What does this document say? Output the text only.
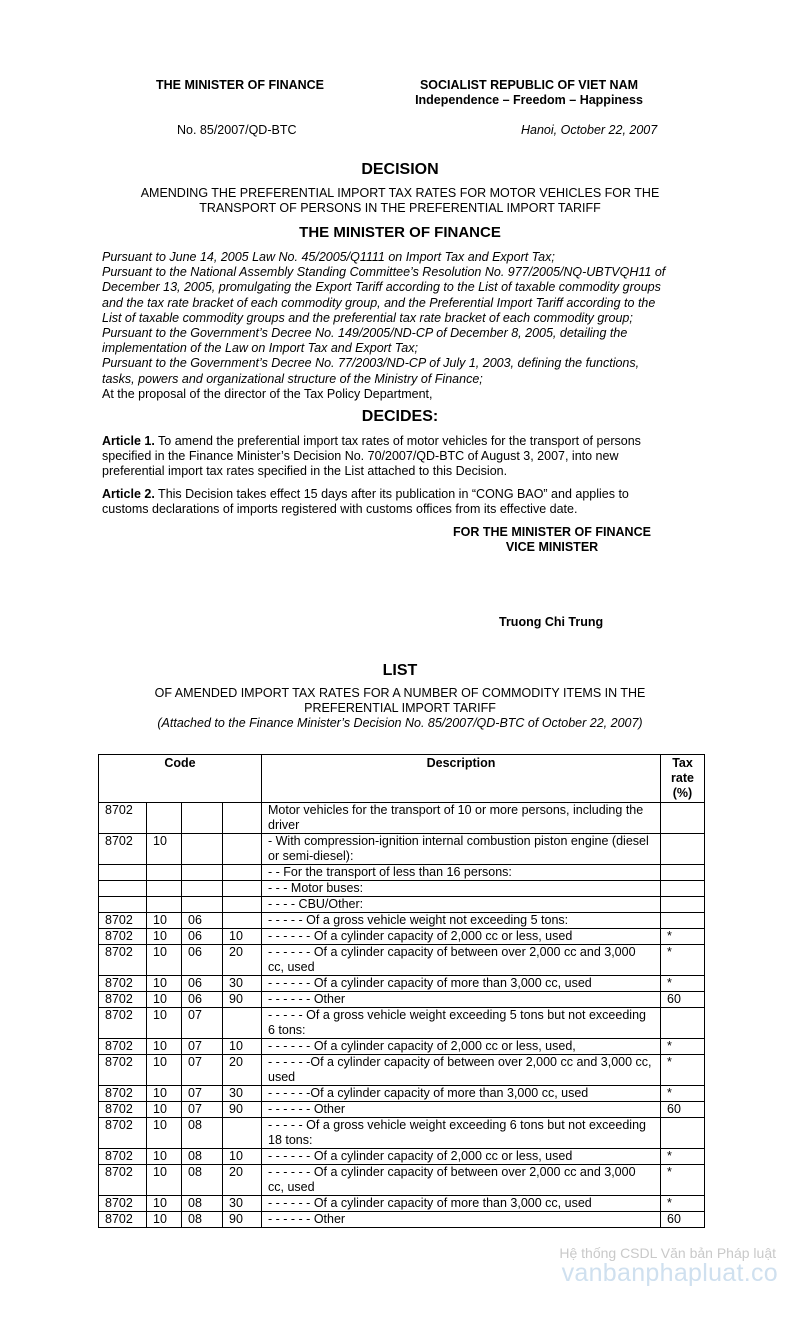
THE MINISTER OF FINANCE	SOCIALIST REPUBLIC OF VIET NAM
Independence – Freedom – Happiness
No. 85/2007/QD-BTC	Hanoi, October 22, 2007
DECISION
AMENDING THE PREFERENTIAL IMPORT TAX RATES FOR MOTOR VEHICLES FOR THE
TRANSPORT OF PERSONS IN THE PREFERENTIAL IMPORT TARIFF
THE MINISTER OF FINANCE
Pursuant to June 14, 2005 Law No. 45/2005/Q1111 on Import Tax and Export Tax;
Pursuant to the National Assembly Standing Committee’s Resolution No. 977/2005/NQ-UBTVQH11 of
December 13, 2005, promulgating the Export Tariff according to the List of taxable commodity groups
and the tax rate bracket of each commodity group, and the Preferential Import Tariff according to the
List of taxable commodity groups and the preferential tax rate bracket of each commodity group;
Pursuant to the Government’s Decree No. 149/2005/ND-CP of December 8, 2005, detailing the
implementation of the Law on Import Tax and Export Tax;
Pursuant to the Government’s Decree No. 77/2003/ND-CP of July 1, 2003, defining the functions,
tasks, powers and organizational structure of the Ministry of Finance;
At the proposal of the director of the Tax Policy Department,
DECIDES:
Article 1. To amend the preferential import tax rates of motor vehicles for the transport of persons
specified in the Finance Minister’s Decision No. 70/2007/QD-BTC of August 3, 2007, into new
preferential import tax rates specified in the List attached to this Decision.
Article 2. This Decision takes effect 15 days after its publication in “CONG BAO” and applies to
customs declarations of imports registered with customs offices from its effective date.
FOR THE MINISTER OF FINANCE
VICE MINISTER
Truong Chi Trung
LIST
OF AMENDED IMPORT TAX RATES FOR A NUMBER OF COMMODITY ITEMS IN THE
PREFERENTIAL IMPORT TARIFF
(Attached to the Finance Minister’s Decision No. 85/2007/QD-BTC of October 22, 2007)
Code				Description	Tax
rate
(%)

8702				Motor vehicles for the transport of 10 or more persons, including the driver	
8702	10			- With compression-ignition internal combustion piston engine (diesel or semi-diesel):	
				- - For the transport of less than 16 persons:	
				- - - Motor buses:	
				- - - - CBU/Other:	
8702	10	06		- - - - - Of a gross vehicle weight not exceeding 5 tons:	
8702	10	06	10	- - - - - - Of a cylinder capacity of 2,000 cc or less, used	*
8702	10	06	20	- - - - - - Of a cylinder capacity of between over 2,000 cc and 3,000 cc, used	*
8702	10	06	30	- - - - - - Of a cylinder capacity of more than 3,000 cc, used	*
8702	10	06	90	- - - - - - Other	60
8702	10	07		- - - - - Of a gross vehicle weight exceeding 5 tons but not exceeding 6 tons:	
8702	10	07	10	- - - - - - Of a cylinder capacity of 2,000 cc or less, used,	*
8702	10	07	20	- - - - - -Of a cylinder capacity of between over 2,000 cc and 3,000 cc, used	*
8702	10	07	30	- - - - - -Of a cylinder capacity of more than 3,000 cc, used	*
8702	10	07	90	- - - - - - Other	60
8702	10	08		- - - - - Of a gross vehicle weight exceeding 6 tons but not exceeding 18 tons:	
8702	10	08	10	- - - - - - Of a cylinder capacity of 2,000 cc or less, used	*
8702	10	08	20	- - - - - - Of a cylinder capacity of between over 2,000 cc and 3,000 cc, used	*
8702	10	08	30	- - - - - - Of a cylinder capacity of more than 3,000 cc, used	*
8702	10	08	90	- - - - - - Other	60
Hệ thống CSDL Văn bản Pháp luật
vanbanphapluat.co
